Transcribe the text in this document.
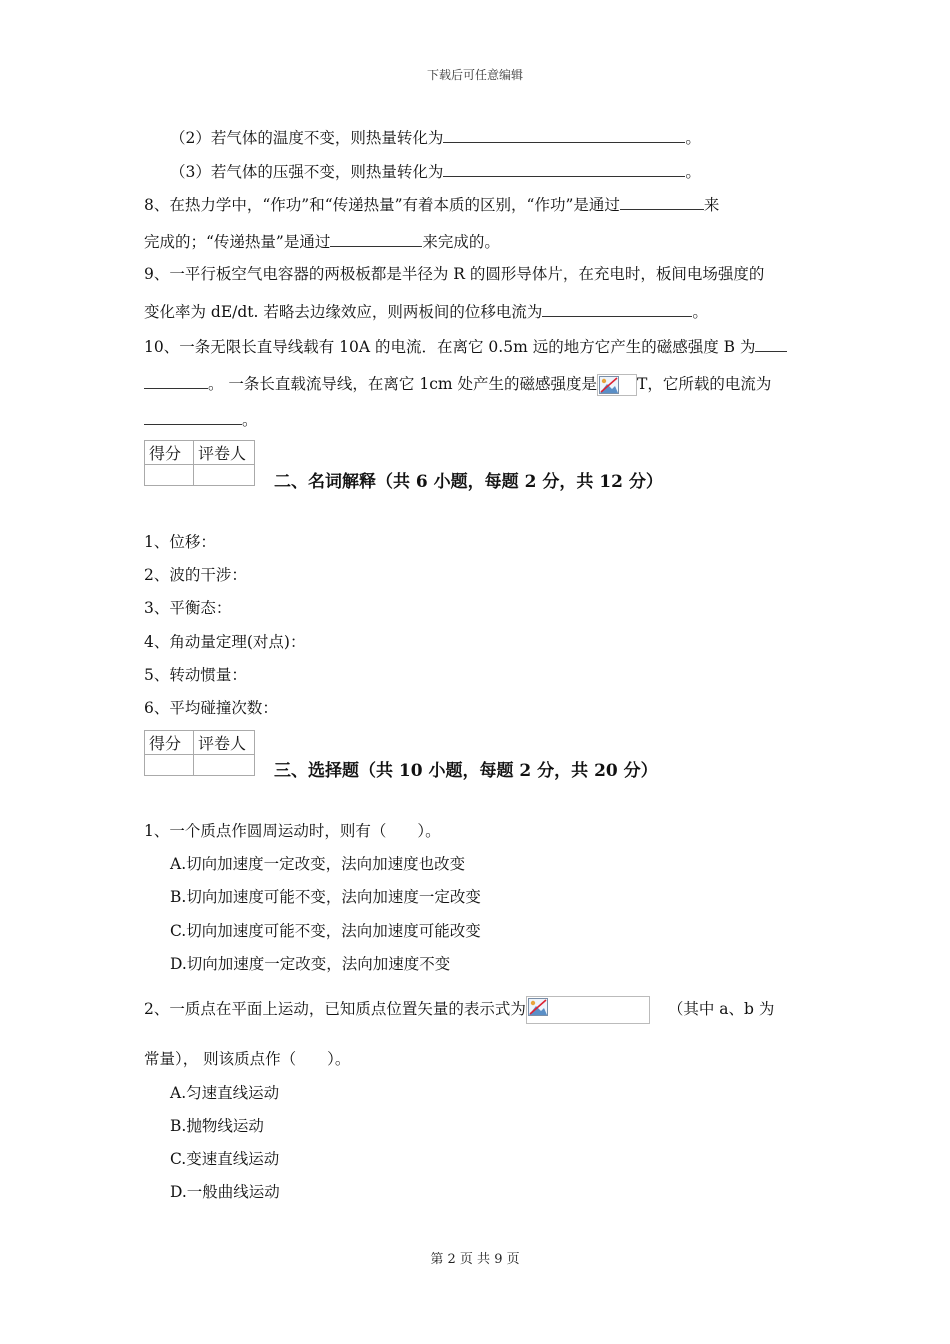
下载后可任意编辑
（2）若气体的温度不变，则热量转化为	。
（3）若气体的压强不变，则热量转化为	。
8、在热力学中，“作功”和“传递热量”有着本质的区别，“作功”是通过	来
完成的；“传递热量”是通过	来完成的。
9、一平行板空气电容器的两极板都是半径为 R 的圆形导体片，在充电时，板间电场强度的
变化率为 dE/dt. 若略去边缘效应，则两板间的位移电流为	。
10、一条无限长直导线载有 10A 的电流．在离它 0.5m 远的地方它产生的磁感强度 B 为
。 一条长直载流导线，在离它 1cm 处产生的磁感强度是	T，它所载的电流为
。
得分	评卷人

二、名词解释（共 6 小题，每题 2 分，共 12 分）
1、位移：
2、波的干涉：
3、平衡态：
4、角动量定理(对点)：
5、转动惯量：
6、平均碰撞次数：
得分	评卷人

三、选择题（共 10 小题，每题 2 分，共 20 分）
1、一个质点作圆周运动时，则有（　　）。
A.切向加速度一定改变，法向加速度也改变
B.切向加速度可能不变，法向加速度一定改变
C.切向加速度可能不变，法向加速度可能改变
D.切向加速度一定改变，法向加速度不变
2、一质点在平面上运动，已知质点位置矢量的表示式为	（其中 a、b 为
常量）， 则该质点作（　　）。
A.匀速直线运动
B.抛物线运动
C.变速直线运动
D.一般曲线运动
第 2 页 共 9 页
